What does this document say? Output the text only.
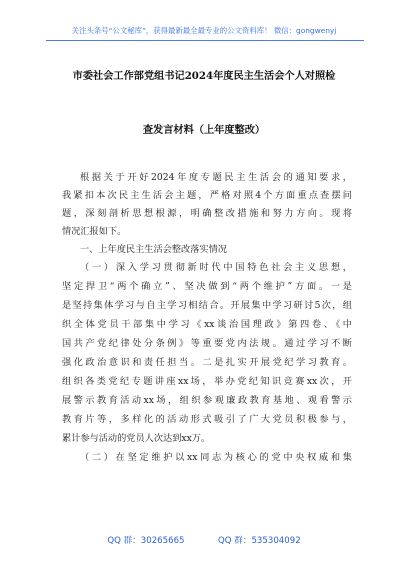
关注头条号“公文秘库”，获得最新最全最专业的公文资料库！ 微信：gongwenyj
市委社会工作部党组书记2024年度民主生活会个人对照检
查发言材料（上年度整改）
根据关于开好2024年度专题民主生活会的通知要求，
我紧扣本次民主生活会主题，严格对照4个方面重点查摆问
题，深刻剖析思想根源，明确整改措施和努力方向。现将
情况汇报如下。
一、上年度民主生活会整改落实情况
（一）深入学习贯彻新时代中国特色社会主义思想，
坚定捍卫“两个确立”、坚决做到“两个维护”方面。一是
是坚持集体学习与自主学习相结合。开展集中学习研讨5次，组
织全体党员干部集中学习《xx谈治国理政》第四卷、《中
国共产党纪律处分条例》等重要党内法规。通过学习不断
强化政治意识和责任担当。二是扎实开展党纪学习教育。
组织各类党纪专题讲座xx场，举办党纪知识竞赛xx次，开
展警示教育活动xx场，组织参观廉政教育基地、观看警示
教育片等，多样化的活动形式吸引了广大党员积极参与，
累计参与活动的党员人次达到xx万。
（二）在坚定维护以xx同志为核心的党中央权威和集
QQ 群：30265665	QQ 群：535304092
